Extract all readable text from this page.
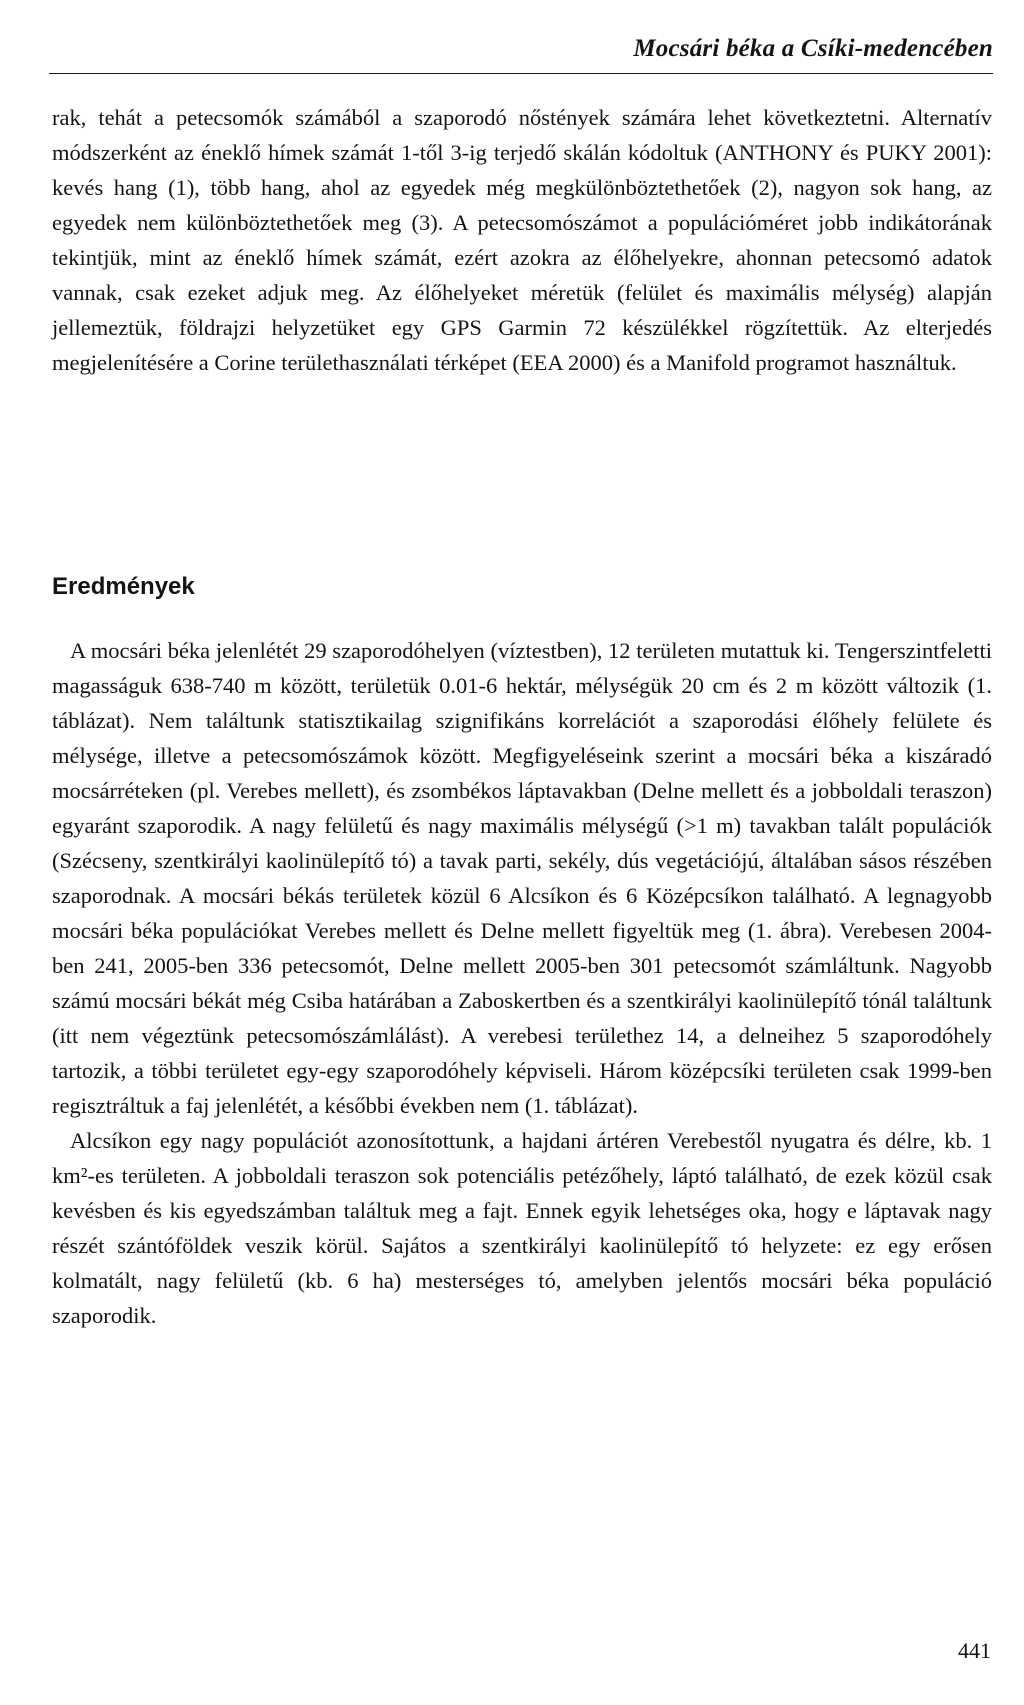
Mocsári béka a Csíki-medencében

rak, tehát a petecsomók számából a szaporodó nőstények számára lehet következtetni. Alternatív módszerként az éneklő hímek számát 1-től 3-ig terjedő skálán kódoltuk (ANTHONY és PUKY 2001): kevés hang (1), több hang, ahol az egyedek még megkülönböztethetőek (2), nagyon sok hang, az egyedek nem különböztethetőek meg (3). A petecsomószámot a populációméret jobb indikátorának tekintjük, mint az éneklő hímek számát, ezért azokra az élőhelyekre, ahonnan petecsomó adatok vannak, csak ezeket adjuk meg. Az élőhelyeket méretük (felület és maximális mélység) alapján jellemeztük, földrajzi helyzetüket egy GPS Garmin 72 készülékkel rögzítettük. Az elterjedés megjelenítésére a Corine területhasználati térképet (EEA 2000) és a Manifold programot használtuk.

Eredmények

A mocsári béka jelenlétét 29 szaporodóhelyen (víztestben), 12 területen mutattuk ki. Tengerszintfeletti magasságuk 638-740 m között, területük 0.01-6 hektár, mélységük 20 cm és 2 m között változik (1. táblázat). Nem találtunk statisztikailag szignifikáns korrelációt a szaporodási élőhely felülete és mélysége, illetve a petecsomószámok között. Megfigyeléseink szerint a mocsári béka a kiszáradó mocsárréteken (pl. Verebes mellett), és zsombékos láptavakban (Delne mellett és a jobboldali teraszon) egyaránt szaporodik. A nagy felületű és nagy maximális mélységű (>1 m) tavakban talált populációk (Szécseny, szentkirályi kaolinülepítő tó) a tavak parti, sekély, dús vegetációjú, általában sásos részében szaporodnak. A mocsári békás területek közül 6 Alcsíkon és 6 Középcsíkon található. A legnagyobb mocsári béka populációkat Verebes mellett és Delne mellett figyeltük meg (1. ábra). Verebesen 2004-ben 241, 2005-ben 336 petecsomót, Delne mellett 2005-ben 301 petecsomót számláltunk. Nagyobb számú mocsári békát még Csiba határában a Zaboskertben és a szentkirályi kaolinülepítő tónál találtunk (itt nem végeztünk petecsomószámlálást). A verebesi területhez 14, a delneihez 5 szaporodóhely tartozik, a többi területet egy-egy szaporodóhely képviseli. Három középcsíki területen csak 1999-ben regisztráltuk a faj jelenlétét, a későbbi években nem (1. táblázat).

Alcsíkon egy nagy populációt azonosítottunk, a hajdani ártéren Verebestől nyugatra és délre, kb. 1 km²-es területen. A jobboldali teraszon sok potenciális petézőhely, láptó található, de ezek közül csak kevésben és kis egyedszámban találtuk meg a fajt. Ennek egyik lehetséges oka, hogy e láptavak nagy részét szántóföldek veszik körül. Sajátos a szentkirályi kaolinülepítő tó helyzete: ez egy erősen kolmatált, nagy felületű (kb. 6 ha) mesterséges tó, amelyben jelentős mocsári béka populáció szaporodik.

441
